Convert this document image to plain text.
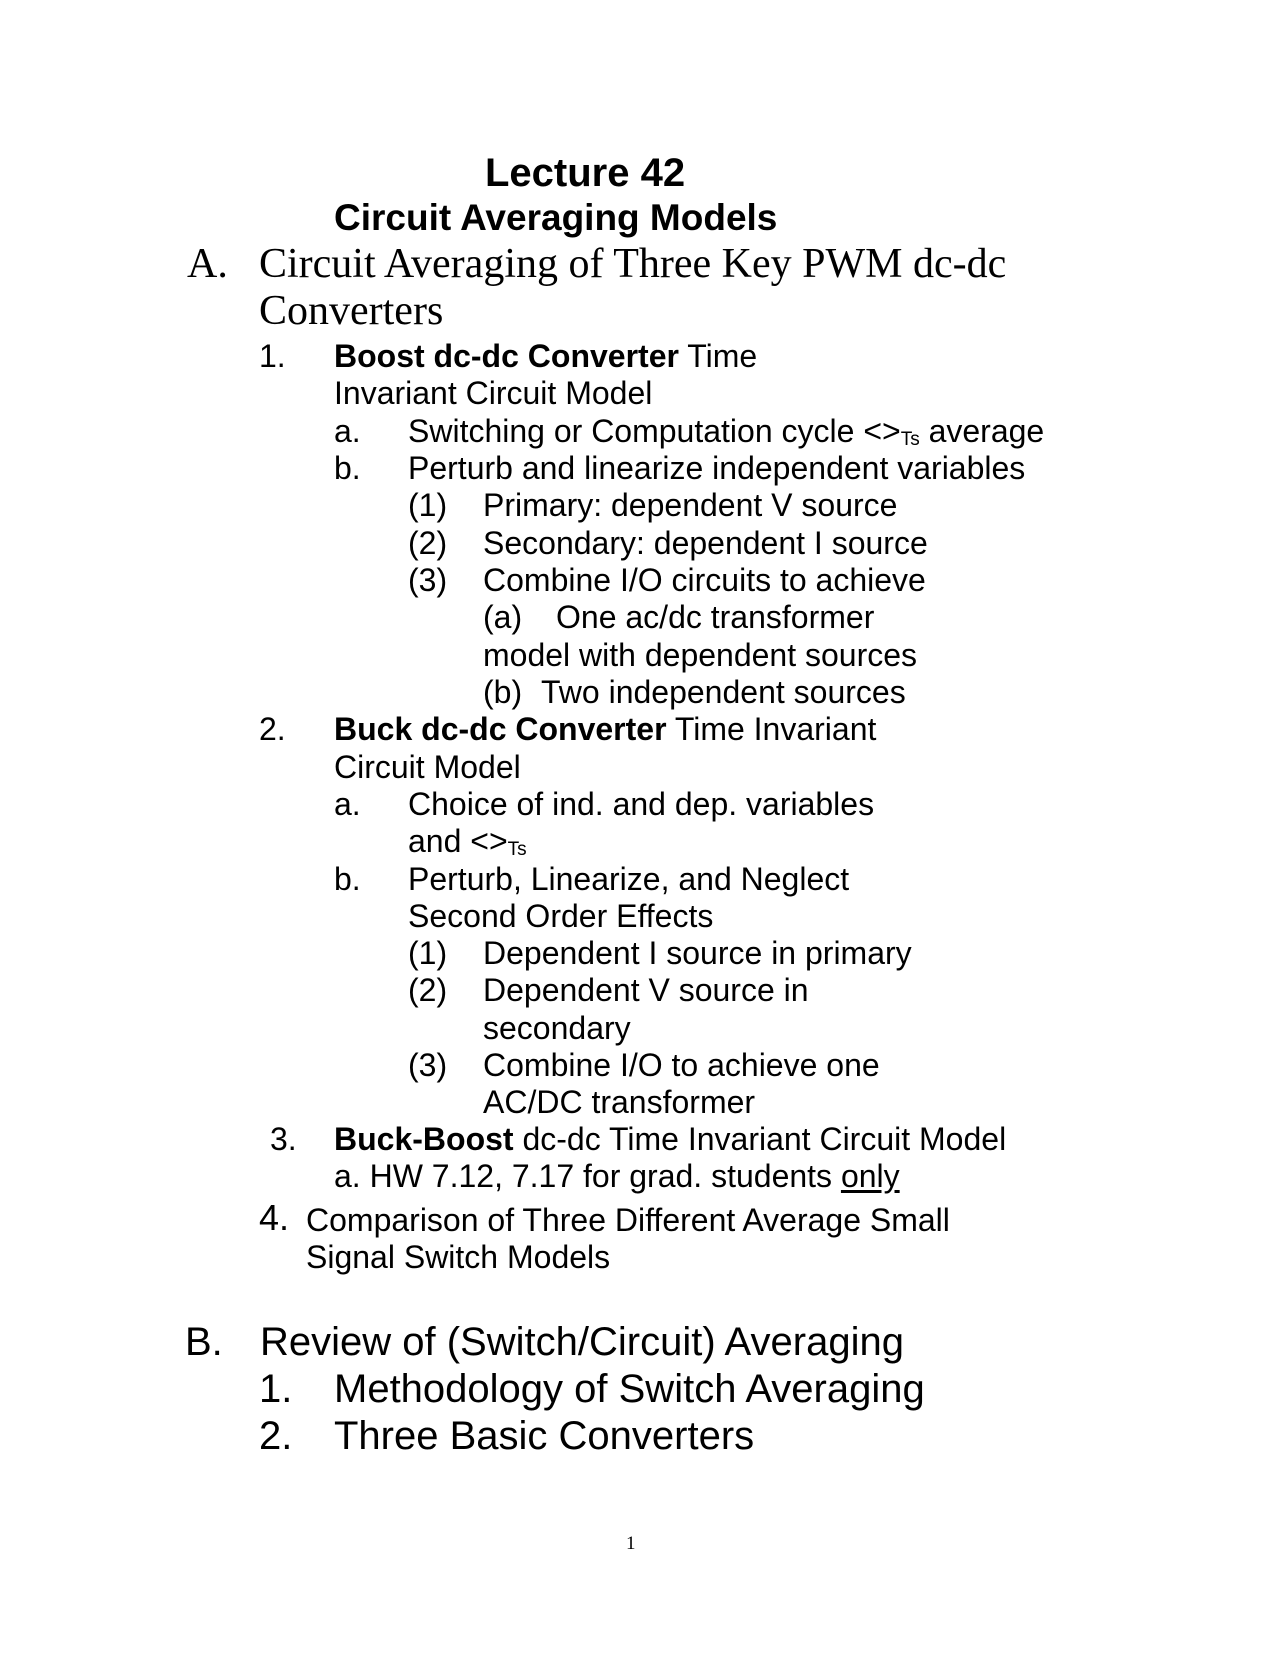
Lecture 42
Circuit Averaging Models
A. Circuit Averaging of Three Key PWM dc-dc
Converters
1. Boost dc-dc Converter Time
Invariant Circuit Model
a. Switching or Computation cycle $<>_{Ts}$ average
b. Perturb and linearize independent variables
(1) Primary: dependent V source
(2) Secondary: dependent I source
(3) Combine I/O circuits to achieve
(a) One ac/dc transformer
model with dependent sources
(b) Two independent sources
2. Buck dc-dc Converter Time Invariant
Circuit Model
a. Choice of ind. and dep. variables
and $<>_{Ts}$
b. Perturb, Linearize, and Neglect
Second Order Effects
(1) Dependent I source in primary
(2) Dependent V source in
secondary
(3) Combine I/O to achieve one
AC/DC transformer
3. Buck-Boost dc-dc Time Invariant Circuit Model
a. HW 7.12, 7.17 for grad. students only
4. Comparison of Three Different Average Small
Signal Switch Models
B. Review of (Switch/Circuit) Averaging
1. Methodology of Switch Averaging
2. Three Basic Converters
1
